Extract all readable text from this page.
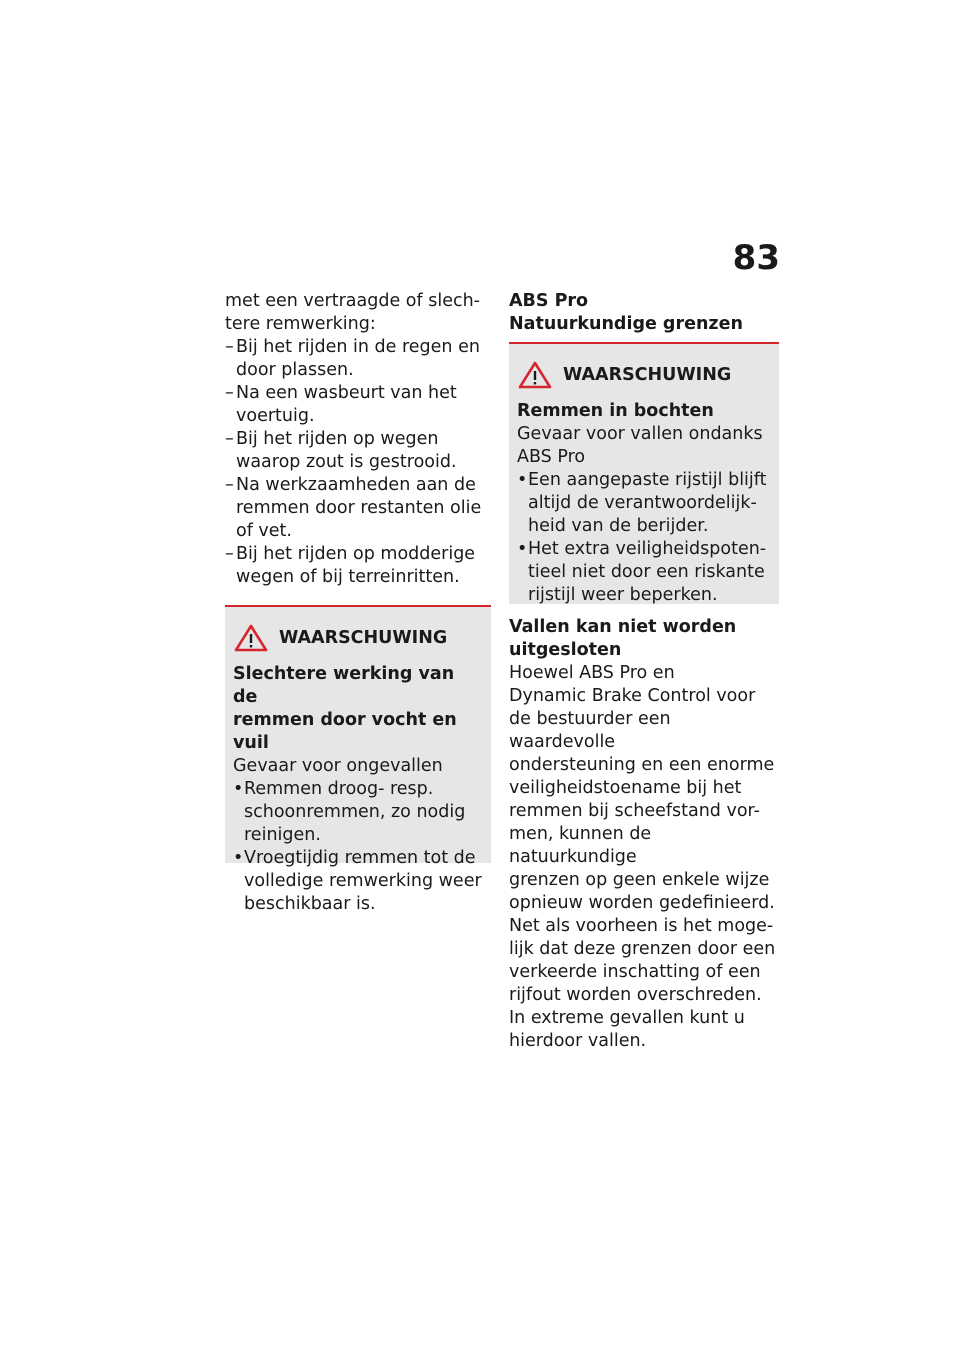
83

met een vertraagde of slech-
tere remwerking:

– Bij het rijden in de regen en
door plassen.
– Na een wasbeurt van het
voertuig.
– Bij het rijden op wegen
waarop zout is gestrooid.
– Na werkzaamheden aan de
remmen door restanten olie
of vet.
– Bij het rijden op modderige
wegen of bij terreinritten.
WAARSCHUWING

Slechtere werking van de
remmen door vocht en vuil

Gevaar voor ongevallen

• Remmen droog- resp.
schoonremmen, zo nodig
reinigen.
• Vroegtijdig remmen tot de
volledige remwerking weer
beschikbaar is.

ABS Pro
Natuurkundige grenzen

WAARSCHUWING

Remmen in bochten

Gevaar voor vallen ondanks
ABS Pro

• Een aangepaste rijstijl blijft
altijd de verantwoordelijk-
heid van de berijder.
• Het extra veiligheidspoten-
tieel niet door een riskante
rijstijl weer beperken.

Vallen kan niet worden
uitgesloten

Hoewel ABS Pro en
Dynamic Brake Control voor
de bestuurder een waardevolle
ondersteuning en een enorme
veiligheidstoename bij het
remmen bij scheefstand vor-
men, kunnen de natuurkundige
grenzen op geen enkele wijze
opnieuw worden gedefinieerd.
Net als voorheen is het moge-
lijk dat deze grenzen door een
verkeerde inschatting of een
rijfout worden overschreden.
In extreme gevallen kunt u
hierdoor vallen.
